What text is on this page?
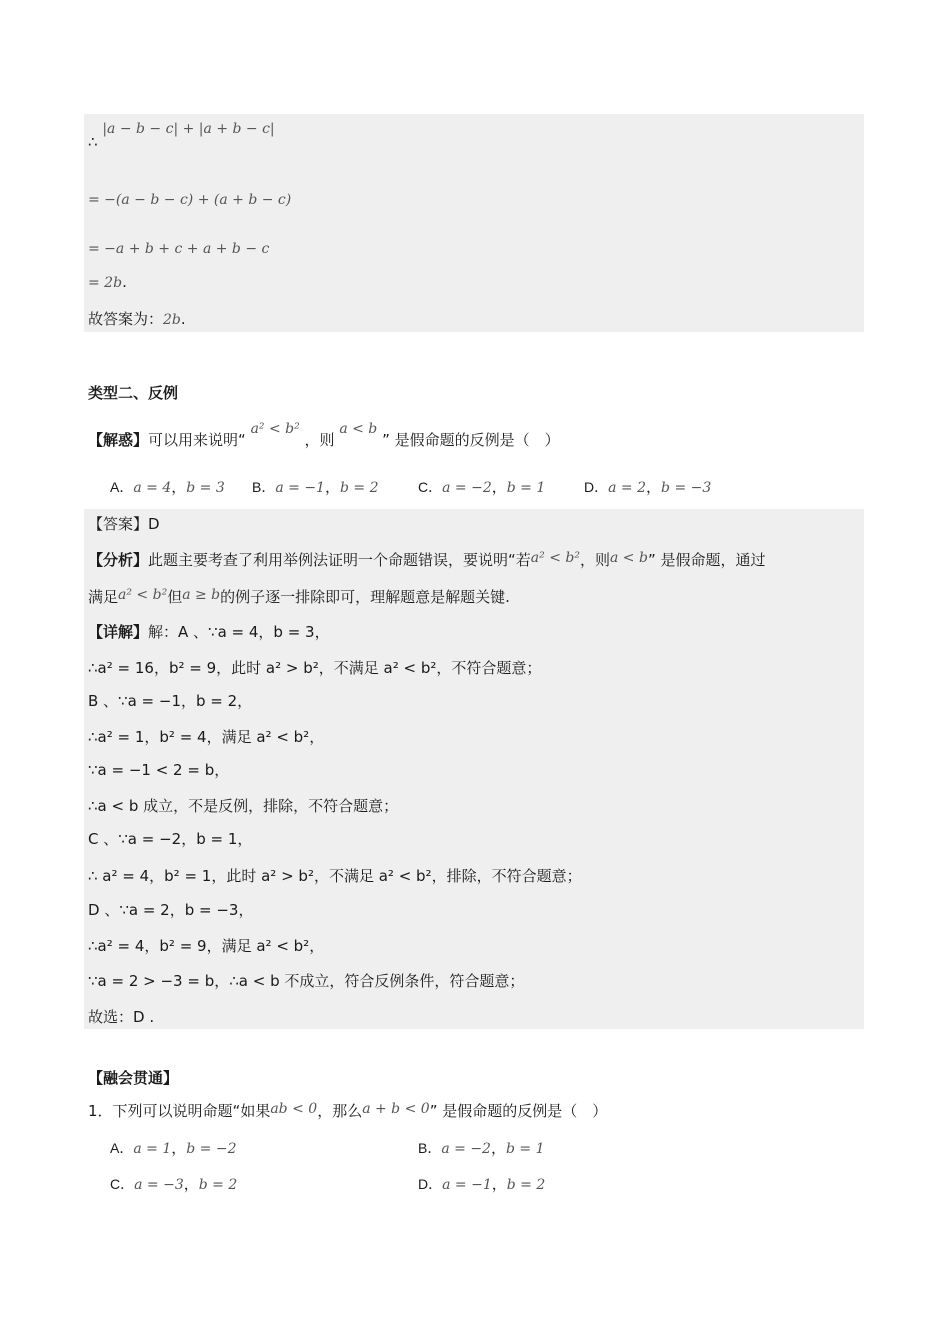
∴ |a − b − c| + |a + b − c|
= −(a − b − c) + (a + b − c)
= −a + b + c + a + b − c
= 2b.
故答案为：2b.
类型二、反例
【解惑】可以用来说明“ a² < b² ，则 a < b ” 是假命题的反例是（　）
A．a = 4，b = 3 B．a = −1，b = 2	C．a = −2，b = 1	D．a = 2，b = −3
【答案】D
【分析】此题主要考查了利用举例法证明一个命题错误，要说明“若a² < b²，则a < b” 是假命题，通过
满足a² < b²但a ≥ b的例子逐一排除即可，理解题意是解题关键.
【详解】解：A 、∵a = 4，b = 3，
∴a² = 16，b² = 9，此时 a² > b²，不满足 a² < b²，不符合题意；
B 、∵a = −1，b = 2，
∴a² = 1，b² = 4，满足 a² < b²，
∵a = −1 < 2 = b，
∴a < b 成立，不是反例，排除，不符合题意；
C 、∵a = −2，b = 1，
∴ a² = 4，b² = 1，此时 a² > b²，不满足 a² < b²，排除，不符合题意；
D 、∵a = 2，b = −3，
∴a² = 4，b² = 9，满足 a² < b²，
∵a = 2 > −3 = b，∴a < b 不成立，符合反例条件，符合题意；
故选：D .
【融会贯通】
1．下列可以说明命题“如果ab < 0，那么a + b < 0” 是假命题的反例是（　）
A．a = 1，b = −2	B．a = −2，b = 1
C．a = −3，b = 2	D．a = −1，b = 2
